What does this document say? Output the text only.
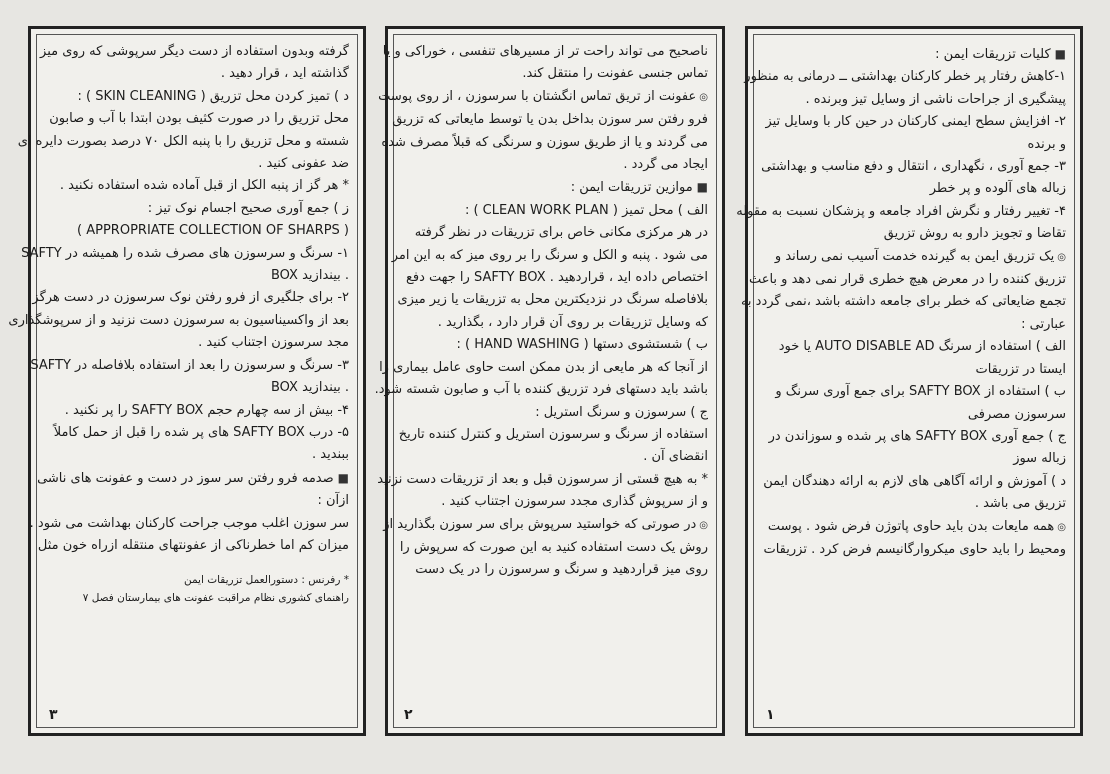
گرفته وبدون استفاده از دست دیگر سرپوشی که روی میز
گذاشته اید ، قرار دهید .
د ) تمیز کردن محل تزریق ( SKIN CLEANING ) :
محل تزریق را در صورت کثیف بودن ابتدا با آب و صابون
شسته و محل تزریق را با پنبه الکل ۷۰ درصد بصورت دایره ای
ضد عفونی کنید .
* هر گز از پنبه الکل از قبل آماده شده استفاده نکنید .
ز ) جمع آوری صحیح اجسام نوک تیز :
( APPROPRIATE COLLECTION OF SHARPS )
۱- سرنگ و سرسوزن های مصرف شده را همیشه در SAFTY
BOX بیندازید .
۲- برای جلگیری از فرو رفتن نوک سرسوزن در دست هرگز
بعد از واکسیناسیون به سرسوزن دست نزنید و از سرپوشگذاری
مجد سرسوزن اجتناب کنید .
۳- سرنگ و سرسوزن را بعد از استفاده بلافاصله در SAFTY
BOX بیندازید .
۴- بیش از سه چهارم حجم SAFTY BOX را پر نکنید .
۵- درب SAFTY BOX های پر شده را قبل از حمل کاملاً
ببندید .
■ صدمه فرو رفتن سر سوز در دست و عفونت های ناشی
ازآن :
سر سوزن اغلب موجب جراحت کارکنان بهداشت می شود .
میزان کم اما خطرناکی از عفونتهای منتقله ازراه خون مثل
* رفرنس : دستورالعمل تزریقات ایمن
راهنمای کشوری نظام مراقبت عفونت های بیمارستان فصل ۷
۳
ناصحیح می تواند راحت تر از مسیرهای تنفسی ، خوراکی و یا
تماس جنسی عفونت را منتقل کند.
◎ عفونت از تریق تماس انگشتان با سرسوزن ، از روی پوست
فرو رفتن سر سوزن بداخل بدن یا توسط مایعاتی که تزریق
می گردند و یا از طریق سوزن و سرنگی که قبلاً مصرف شده
ایجاد می گردد .
■ موازین تزریقات ایمن :
الف ) محل تمیز ( CLEAN WORK PLAN ) :
در هر مرکزی مکانی خاص برای تزریقات در نظر گرفته
می شود . پنبه و الکل و سرنگ را بر روی میز که به این امر
اختصاص داده اید ، قراردهید . SAFTY BOX را جهت دفع
بلافاصله سرنگ در نزدیکترین محل به تزریقات یا زیر میزی
که وسایل تزریقات بر روی آن قرار دارد ، بگذارید .
ب ) شستشوی دستها ( HAND WASHING ) :
از آنجا که هر مایعی از بدن ممکن است حاوی عامل بیماری زا
باشد باید دستهای فرد تزریق کننده با آب و صابون شسته شود.
ج ) سرسوزن و سرنگ استریل :
استفاده از سرنگ و سرسوزن استریل و کنترل کننده تاریخ
انقضای آن .
* به هیچ قستی از سرسوزن قبل و بعد از تزریقات دست نزنید
و از سرپوش گذاری مجدد سرسوزن اجتناب کنید .
◎ در صورتی که خواستید سرپوش برای سر سوزن بگذارید از
روش یک دست استفاده کنید به این صورت که سرپوش را
روی میز قراردهید و سرنگ و سرسوزن را در یک دست
۲
■ کلیات تزریقات ایمن :
۱-کاهش رفتار پر خطر کارکنان بهداشتی ــ درمانی به منظور
پیشگیری از جراحات ناشی از وسایل تیز وبرنده .
۲- افزایش سطح ایمنی کارکنان در حین کار با وسایل تیز
و برنده
۳- جمع آوری ، نگهداری ، انتقال و دفع مناسب و بهداشتی
زباله های آلوده و پر خطر
۴- تغییر رفتار و نگرش افراد جامعه و پزشکان نسبت به مقوله
تقاضا و تجویز دارو به روش تزریق
◎ یک تزریق ایمن به گیرنده خدمت آسیب نمی رساند و
تزریق کننده را در معرض هیچ خطری قرار نمی دهد و باعث
تجمع ضایعاتی که خطر برای جامعه داشته باشد ،نمی گردد به
عبارتی :
الف ) استفاده از سرنگ AUTO DISABLE AD یا خود
ایستا در تزریقات
ب ) استفاده از SAFTY BOX برای جمع آوری سرنگ و
سرسوزن مصرفی
ج ) جمع آوری SAFTY BOX های پر شده و سوزاندن در
زباله سوز
د ) آموزش و ارائه آگاهی های لازم به ارائه دهندگان ایمن
تزریق می باشد .
◎ همه مایعات بدن باید حاوی پاتوژن فرض شود . پوست
ومحیط را باید حاوی میکروارگانیسم فرض کرد . تزریقات
۱
